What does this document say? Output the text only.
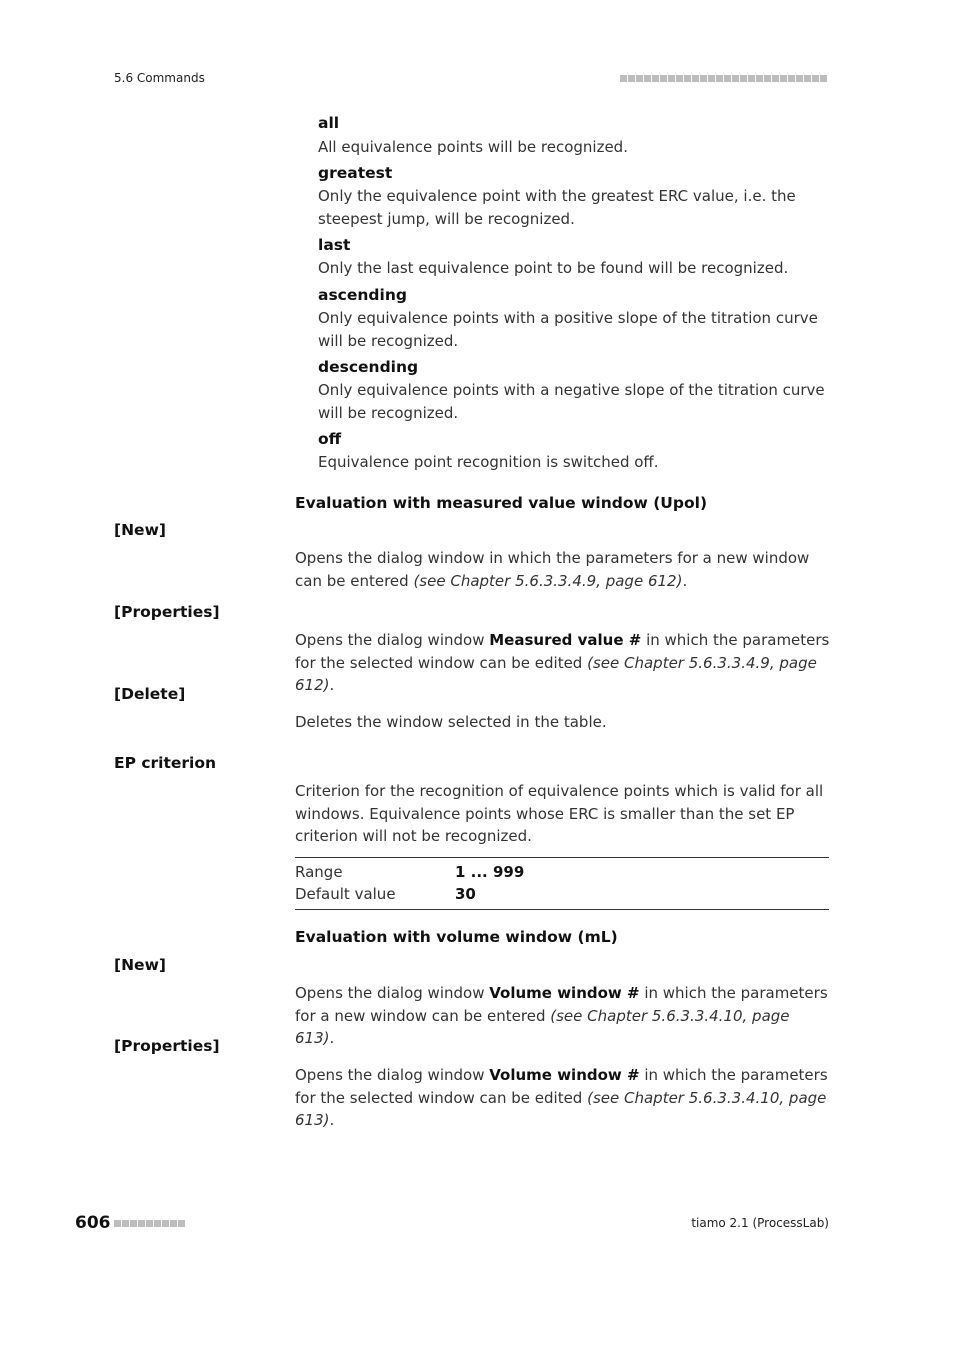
5.6 Commands
all
All equivalence points will be recognized.
greatest
Only the equivalence point with the greatest ERC value, i.e. the steepest jump, will be recognized.
last
Only the last equivalence point to be found will be recognized.
ascending
Only equivalence points with a positive slope of the titration curve will be recognized.
descending
Only equivalence points with a negative slope of the titration curve will be recognized.
off
Equivalence point recognition is switched off.
Evaluation with measured value window (Upol)
[New]
Opens the dialog window in which the parameters for a new window can be entered (see Chapter 5.6.3.3.4.9, page 612).
[Properties]
Opens the dialog window Measured value # in which the parameters for the selected window can be edited (see Chapter 5.6.3.3.4.9, page 612).
[Delete]
Deletes the window selected in the table.
EP criterion
Criterion for the recognition of equivalence points which is valid for all windows. Equivalence points whose ERC is smaller than the set EP criterion will not be recognized.
Range	1 ... 999
Default value	30
Evaluation with volume window (mL)
[New]
Opens the dialog window Volume window # in which the parameters for a new window can be entered (see Chapter 5.6.3.3.4.10, page 613).
[Properties]
Opens the dialog window Volume window # in which the parameters for the selected window can be edited (see Chapter 5.6.3.3.4.10, page 613).
606	tiamo 2.1 (ProcessLab)
